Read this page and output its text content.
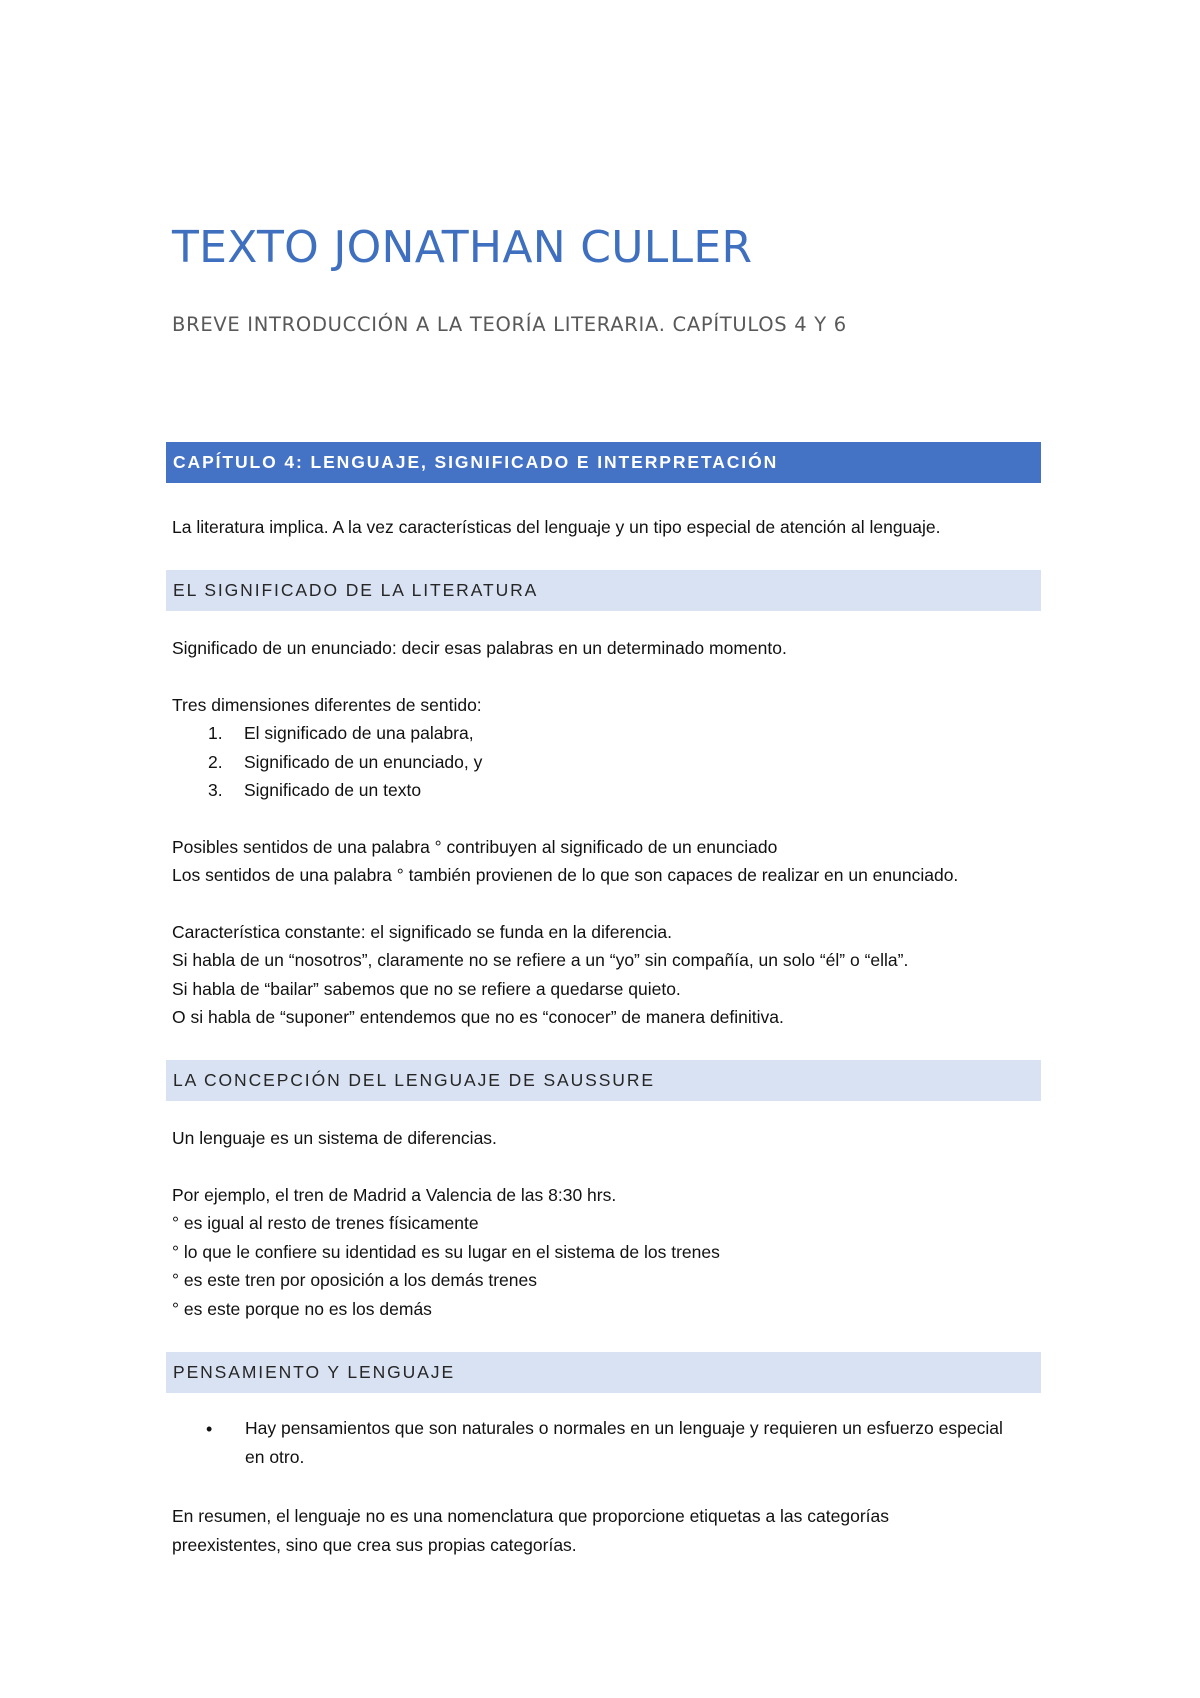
TEXTO JONATHAN CULLER
BREVE INTRODUCCIÓN A LA TEORÍA LITERARIA. CAPÍTULOS 4 Y 6
CAPÍTULO 4: LENGUAJE, SIGNIFICADO E INTERPRETACIÓN

La literatura implica. A la vez características del lenguaje y un tipo especial de atención al lenguaje.

EL SIGNIFICADO DE LA LITERATURA

Significado de un enunciado: decir esas palabras en un determinado momento.

Tres dimensiones diferentes de sentido:

1. El significado de una palabra,
2. Significado de un enunciado, y
3. Significado de un texto

Posibles sentidos de una palabra ° contribuyen al significado de un enunciado

Los sentidos de una palabra ° también provienen de lo que son capaces de realizar en un enunciado.

Característica constante: el significado se funda en la diferencia.

Si habla de un “nosotros”, claramente no se refiere a un “yo” sin compañía, un solo “él” o “ella”.

Si habla de “bailar” sabemos que no se refiere a quedarse quieto.

O si habla de “suponer” entendemos que no es “conocer” de manera definitiva.

LA CONCEPCIÓN DEL LENGUAJE DE SAUSSURE

Un lenguaje es un sistema de diferencias.

Por ejemplo, el tren de Madrid a Valencia de las 8:30 hrs.

° es igual al resto de trenes físicamente

° lo que le confiere su identidad es su lugar en el sistema de los trenes

° es este tren por oposición a los demás trenes

° es este porque no es los demás

PENSAMIENTO Y LENGUAJE
• Hay pensamientos que son naturales o normales en un lenguaje y requieren un esfuerzo especial en otro.

En resumen, el lenguaje no es una nomenclatura que proporcione etiquetas a las categorías

preexistentes, sino que crea sus propias categorías.
